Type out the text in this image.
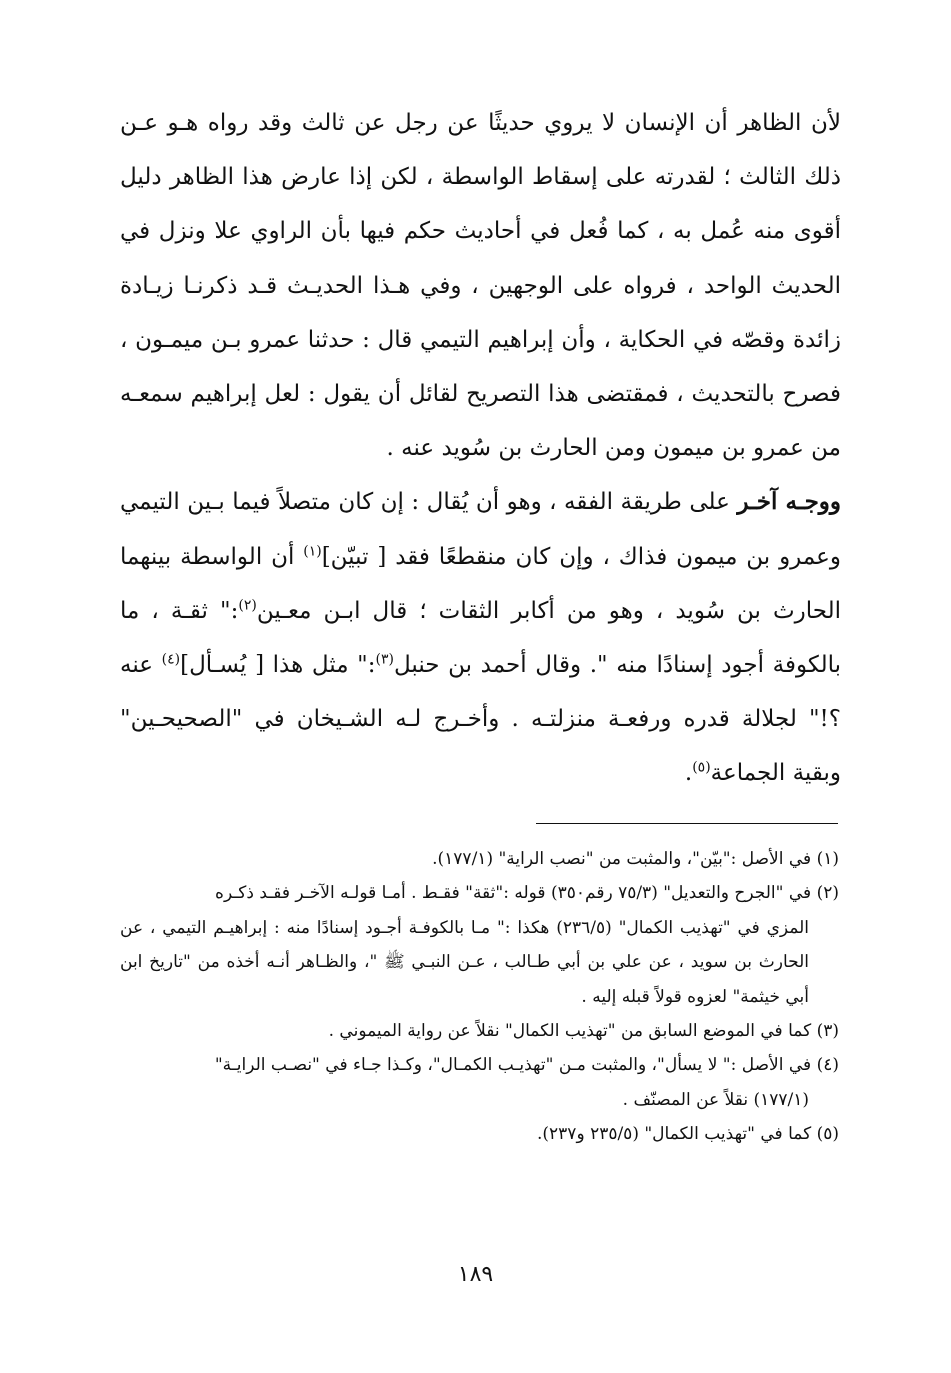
لأن الظاهر أن الإنسان لا يروي حديثًا عن رجل عن ثالث وقد رواه هـو عـن ذلك الثالث ؛ لقدرته على إسقاط الواسطة ، لكن إذا عارض هذا الظاهر دليل أقوى منه عُمل به ، كما فُعل في أحاديث حكم فيها بأن الراوي علا ونزل في الحديث الواحد ، فرواه على الوجهين ، وفي هـذا الحديـث قـد ذكرنـا زيـادة زائدة وقصّه في الحكاية ، وأن إبراهيم التيمي قال : حدثنا عمرو بـن ميمـون ، فصرح بالتحديث ، فمقتضى هذا التصريح لقائل أن يقول : لعل إبراهيم سمعـه من عمرو بن ميمون ومن الحارث بن سُويد عنه .

ووجـه آخـر على طريقة الفقه ، وهو أن يُقال : إن كان متصلاً فيما بـين التيمي وعمرو بن ميمون فذاك ، وإن كان منقطعًا فقد [ تبيّن]$^{(١)}$ أن الواسطة بينهما الحارث بن سُويد ، وهو من أكابر الثقات ؛ قال ابـن معـين$^{(٢)}$:" ثقـة ، ما بالكوفة أجود إسنادًا منه ". وقال أحمد بن حنبل$^{(٣)}$:" مثل هذا [ يُسـأل]$^{(٤)}$ عنه ؟!" لجلالة قدره ورفعـة منزلتـه . وأخـرج لـه الشـيخان في "الصحيحـين" وبقية الجماعة$^{(٥)}$.

(١) في الأصل :"بيّن"، والمثبت من "نصب الراية" (١٧٧/١).
(٢) في "الجرح والتعديل" (٧٥/٣ رقم٣٥٠) قوله :"ثقة" فقـط . أمـا قولـه الآخـر فقـد ذكـره
المزي في "تهذيب الكمال" (٢٣٦/٥) هكذا :" مـا بالكوفـة أجـود إسنادًا منه : إبراهيـم التيمي ، عن الحارث بن سويد ، عن علي بن أبي طـالب ، عـن النبـي ﷺ "، والظـاهر أنـه أخذه من "تاريخ ابن أبي خيثمة" لعزوه قولاً قبله إليه .
(٣) كما في الموضع السابق من "تهذيب الكمال" نقلاً عن رواية الميموني .
(٤) في الأصل :" لا يسأل"، والمثبت مـن "تهذيـب الكمـال"، وكـذا جـاء في "نصـب الرايـة"
(١٧٧/١) نقلاً عن المصنّف .
(٥) كما في "تهذيب الكمال" (٢٣٥/٥ و٢٣٧).
١٨٩
